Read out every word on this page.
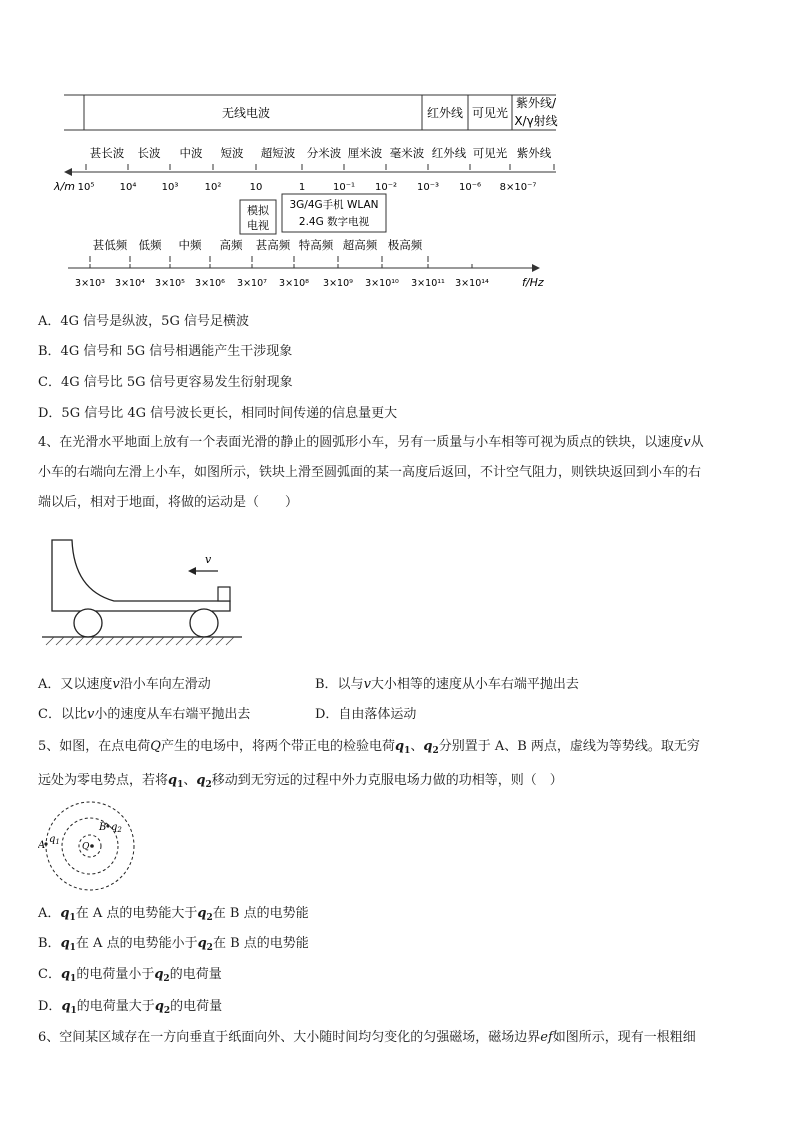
无线电波	红外线 可见光
紫外线/
X/γ射线
甚长波 长波 中波 短波 超短波 分米波 厘米波 毫米波 红外线 可见光 紫外线
λ/m 10⁵	10⁴	10³	10²	10	1	10⁻¹ 10⁻² 10⁻³ 10⁻⁶ 8×10⁻⁷
模拟
电视
3G/4G手机 WLAN
2.4G 数字电视
甚低频 低频 中频 高频 甚高频 特高频 超高频 极高频
3×10³ 3×10⁴ 3×10⁵ 3×10⁶ 3×10⁷ 3×10⁸ 3×10⁹ 3×10¹⁰ 3×10¹¹ 3×10¹⁴	f/Hz
A．4G 信号是纵波，5G 信号足横波
B．4G 信号和 5G 信号相遇能产生干涉现象
C．4G 信号比 5G 信号更容易发生衍射现象
D．5G 信号比 4G 信号波长更长，相同时间传递的信息量更大
4、在光滑水平地面上放有一个表面光滑的静止的圆弧形小车，另有一质量与小车相等可视为质点的铁块，以速度v从
小车的右端向左滑上小车，如图所示，铁块上滑至圆弧面的某一高度后返回，不计空气阻力，则铁块返回到小车的右
端以后，相对于地面，将做的运动是（　　）
v
A．又以速度v沿小车向左滑动	B．以与v大小相等的速度从小车右端平抛出去
C．以比v小的速度从车右端平抛出去	D．自由落体运动
5、如图，在点电荷Q产生的电场中，将两个带正电的检验电荷$q_1$、$q_2$分别置于 A、B 两点，虚线为等势线。取无穷
远处为零电势点，若将$q_1$、$q_2$移动到无穷远的过程中外力克服电场力做的功相等，则（　）
Q
A
$q_1$
B $q_2$
A．$q_1$在 A 点的电势能大于$q_2$在 B 点的电势能
B．$q_1$在 A 点的电势能小于$q_2$在 B 点的电势能
C．$q_1$的电荷量小于$q_2$的电荷量
D．$q_1$的电荷量大于$q_2$的电荷量
6、空间某区域存在一方向垂直于纸面向外、大小随时间均匀变化的匀强磁场，磁场边界ef如图所示，现有一根粗细
